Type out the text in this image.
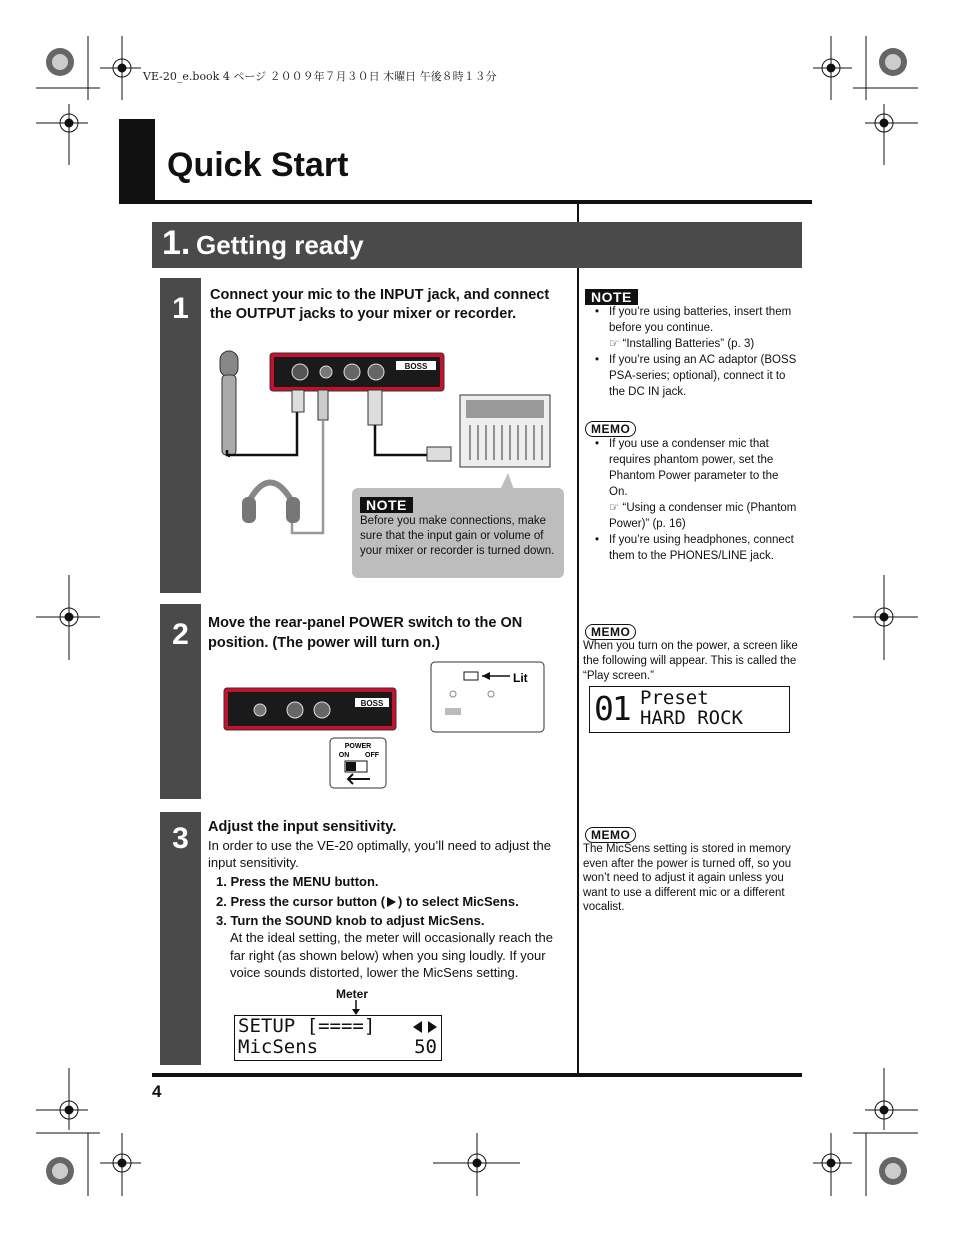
VE-20_e.book 4 ページ ２００９年７月３０日 木曜日 午後８時１３分
Quick Start
1. Getting ready
1	Connect your mic to the INPUT jack, and connect the OUTPUT jacks to your mixer or recorder.
BOSS
NOTE
Before you make connections, make sure that the input gain or volume of your mixer or recorder is turned down.
2	Move the rear-panel POWER switch to the ON position. (The power will turn on.)
BOSS
POWER
ON OFF
Lit
3	Adjust the input sensitivity.
In order to use the VE-20 optimally, you’ll need to adjust the input sensitivity.
1. Press the MENU button.
2. Press the cursor button ( ) to select MicSens.
3. Turn the SOUND knob to adjust MicSens.
At the ideal setting, the meter will occasionally reach the far right (as shown below) when you sing loudly. If your voice sounds distorted, lower the MicSens setting.
Meter
SETUP [====]
MicSens	50
NOTE
• If you’re using batteries, insert them before you continue.
☞ “Installing Batteries” (p. 3)
• If you’re using an AC adaptor (BOSS PSA-series; optional), connect it to the DC IN jack.
MEMO
• If you use a condenser mic that requires phantom power, set the Phantom Power parameter to the On.
☞ “Using a condenser mic (Phantom Power)” (p. 16)
• If you’re using headphones, connect them to the PHONES/LINE jack.
MEMO
When you turn on the power, a screen like the following will appear. This is called the “Play screen.”
01 Preset
HARD ROCK
MEMO
The MicSens setting is stored in memory even after the power is turned off, so you won’t need to adjust it again unless you want to use a different mic or a different vocalist.
4
